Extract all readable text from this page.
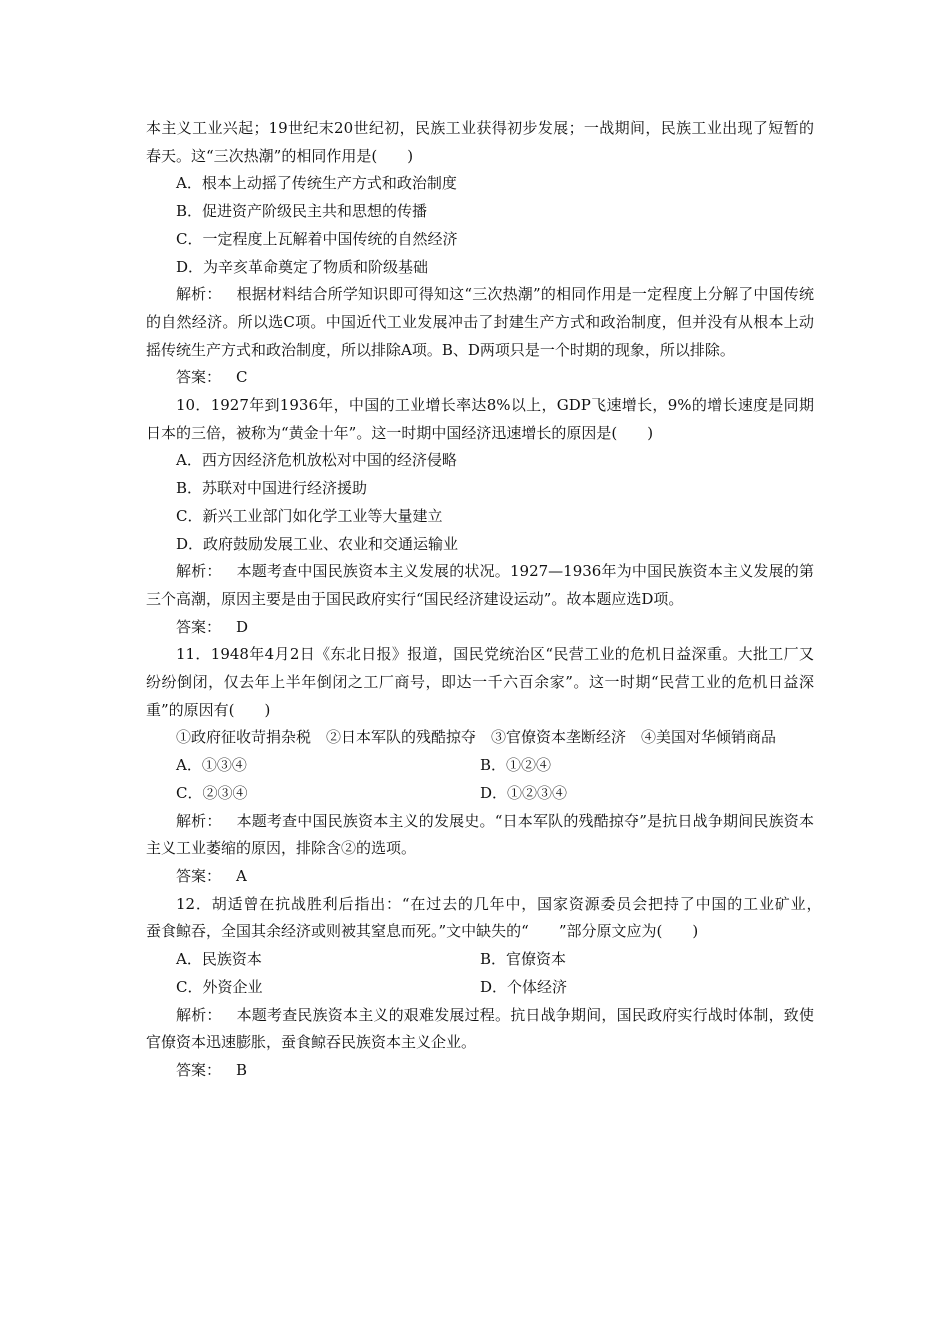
本主义工业兴起；19世纪末20世纪初，民族工业获得初步发展；一战期间，民族工业出现了短暂的春天。这“三次热潮”的相同作用是(　　)

A．根本上动摇了传统生产方式和政治制度

B．促进资产阶级民主共和思想的传播

C．一定程度上瓦解着中国传统的自然经济

D．为辛亥革命奠定了物质和阶级基础

解析： 根据材料结合所学知识即可得知这“三次热潮”的相同作用是一定程度上分解了中国传统的自然经济。所以选C项。中国近代工业发展冲击了封建生产方式和政治制度，但并没有从根本上动摇传统生产方式和政治制度，所以排除A项。B、D两项只是一个时期的现象，所以排除。

答案： C

10．1927年到1936年，中国的工业增长率达8%以上，GDP飞速增长，9%的增长速度是同期日本的三倍，被称为“黄金十年”。这一时期中国经济迅速增长的原因是(　　)

A．西方因经济危机放松对中国的经济侵略

B．苏联对中国进行经济援助

C．新兴工业部门如化学工业等大量建立

D．政府鼓励发展工业、农业和交通运输业

解析： 本题考查中国民族资本主义发展的状况。1927—1936年为中国民族资本主义发展的第三个高潮，原因主要是由于国民政府实行“国民经济建设运动”。故本题应选D项。

答案： D

11．1948年4月2日《东北日报》报道，国民党统治区“民营工业的危机日益深重。大批工厂又纷纷倒闭，仅去年上半年倒闭之工厂商号，即达一千六百余家”。这一时期“民营工业的危机日益深重”的原因有(　　)

①政府征收苛捐杂税　②日本军队的残酷掠夺　③官僚资本垄断经济　④美国对华倾销商品

A．①③④	B．①②④
C．②③④	D．①②③④

解析： 本题考查中国民族资本主义的发展史。“日本军队的残酷掠夺”是抗日战争期间民族资本主义工业萎缩的原因，排除含②的选项。

答案： A

12．胡适曾在抗战胜利后指出：“在过去的几年中，国家资源委员会把持了中国的工业矿业，　　蚕食鲸吞，全国其余经济或则被其窒息而死。”文中缺失的“　　”部分原文应为(　　)

A．民族资本	B．官僚资本
C．外资企业	D．个体经济

解析： 本题考查民族资本主义的艰难发展过程。抗日战争期间，国民政府实行战时体制，致使官僚资本迅速膨胀，蚕食鲸吞民族资本主义企业。

答案： B
